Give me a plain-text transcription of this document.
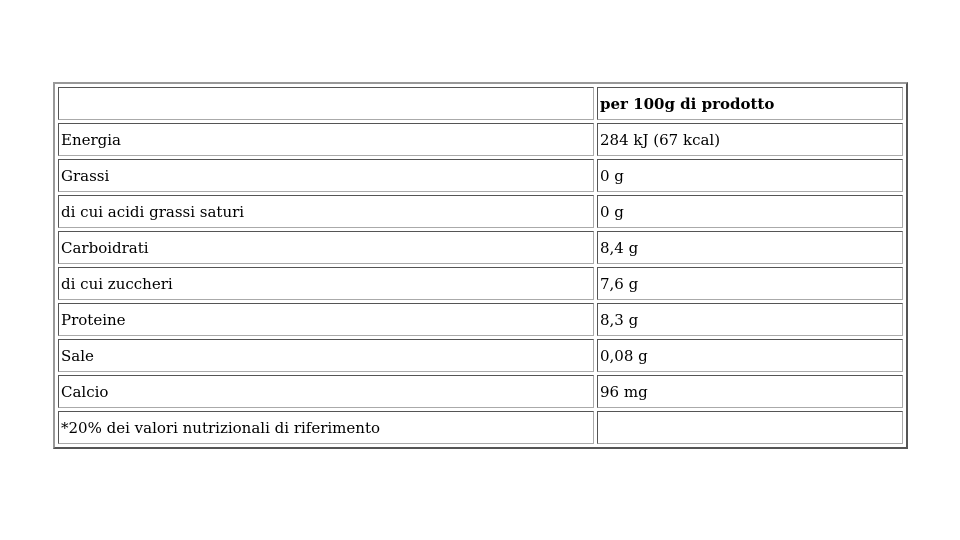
	per 100g di prodotto
Energia	284 kJ (67 kcal)
Grassi	0 g
di cui acidi grassi saturi	0 g
Carboidrati	8,4 g
di cui zuccheri	7,6 g
Proteine	8,3 g
Sale	0,08 g
Calcio	96 mg
*20% dei valori nutrizionali di riferimento	
